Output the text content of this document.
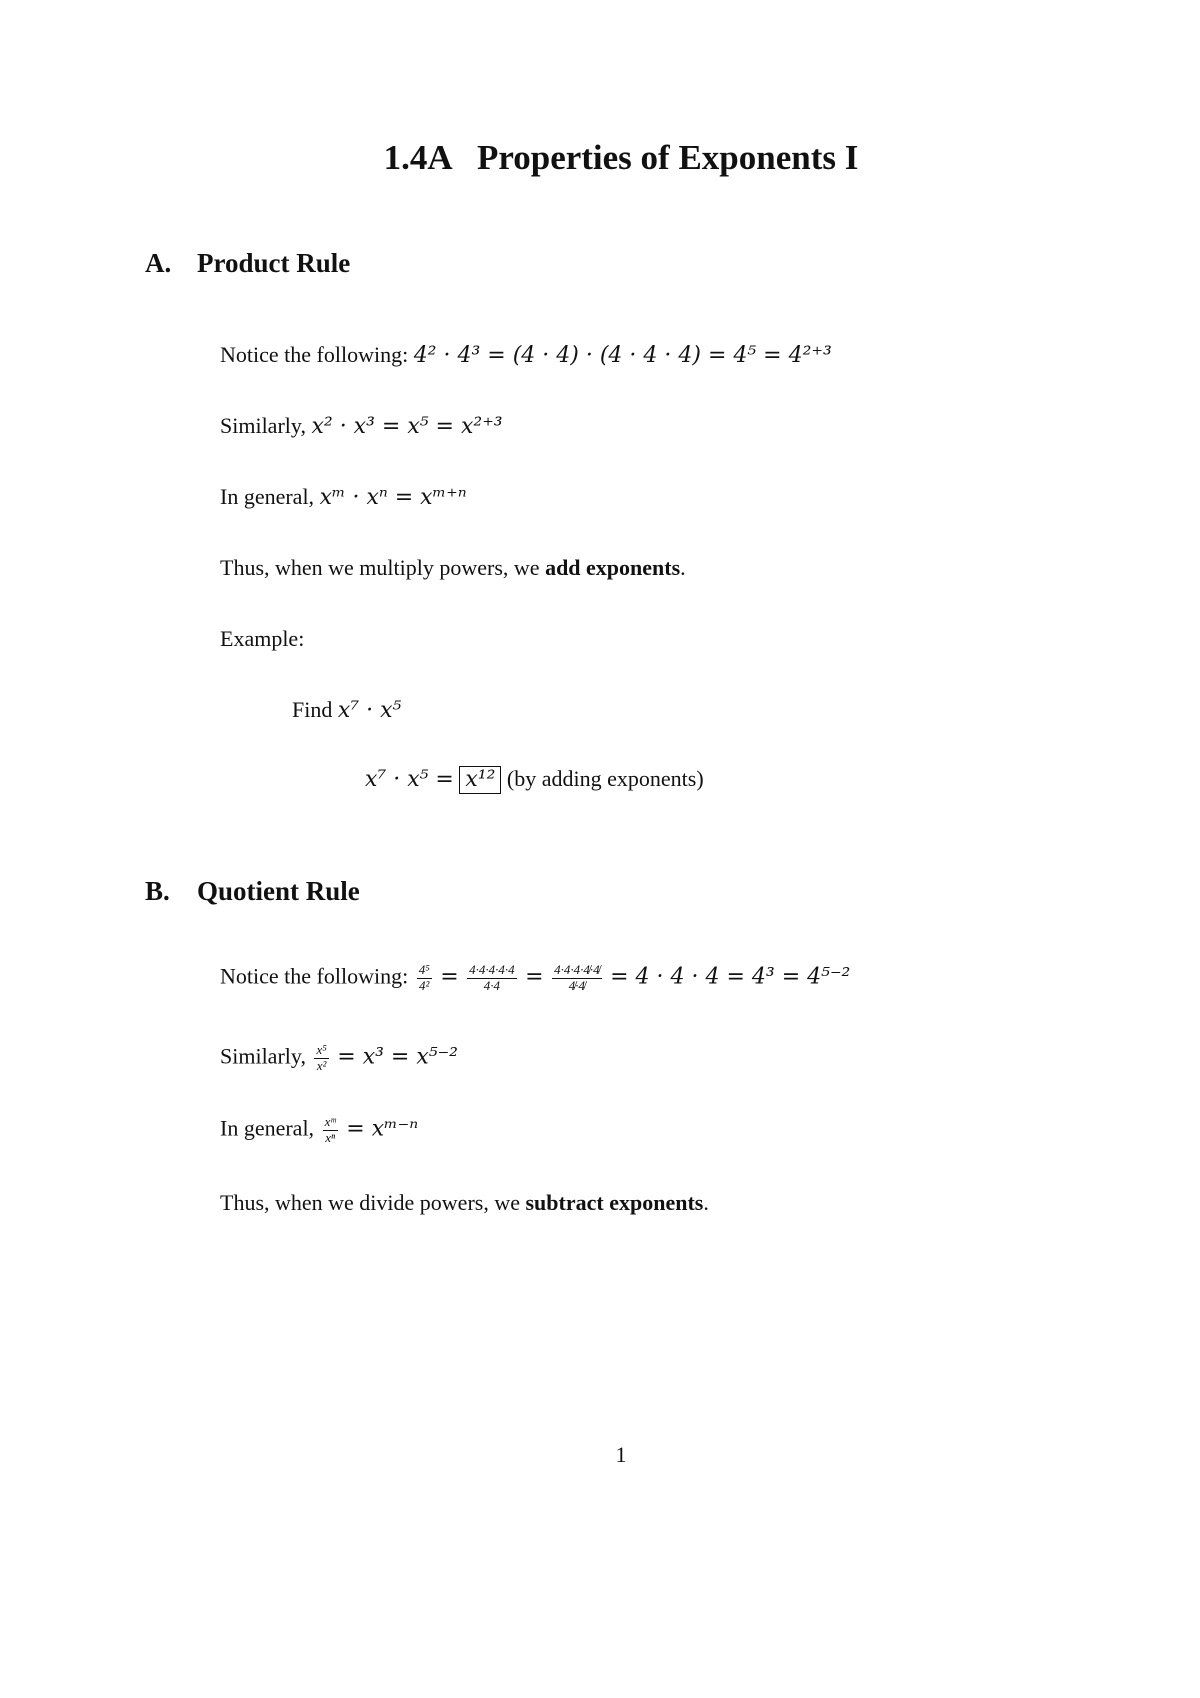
1.4A   Properties of Exponents I
A. Product Rule
Notice the following: 4² · 4³ = (4 · 4) · (4 · 4 · 4) = 4⁵ = 4²⁺³
Similarly, x² · x³ = x⁵ = x²⁺³
In general, xᵐ · xⁿ = xᵐ⁺ⁿ
Thus, when we multiply powers, we add exponents.
Example:
Find x⁷ · x⁵
x⁷ · x⁵ = x¹² (by adding exponents)
B. Quotient Rule
Notice the following: $\frac{\text{4⁵}}{\text{4²}} = \frac{4\cdot 4\cdot 4\cdot 4\cdot 4}{4\cdot 4} = \frac{4\cdot 4\cdot 4\cdot 4̸\cdot 4̸}{4̸\cdot 4̸} = 4 \cdot 4 \cdot 4 = 4^3 = 4^{5-2}$
Similarly, $\frac{\text{x⁵}}{\text{x²}} = x^3 = x^{5-2}$
In general, $\frac{\text{xᵐ}}{\text{xⁿ}}$ = xᵐ⁻ⁿ
Thus, when we divide powers, we subtract exponents.
1
